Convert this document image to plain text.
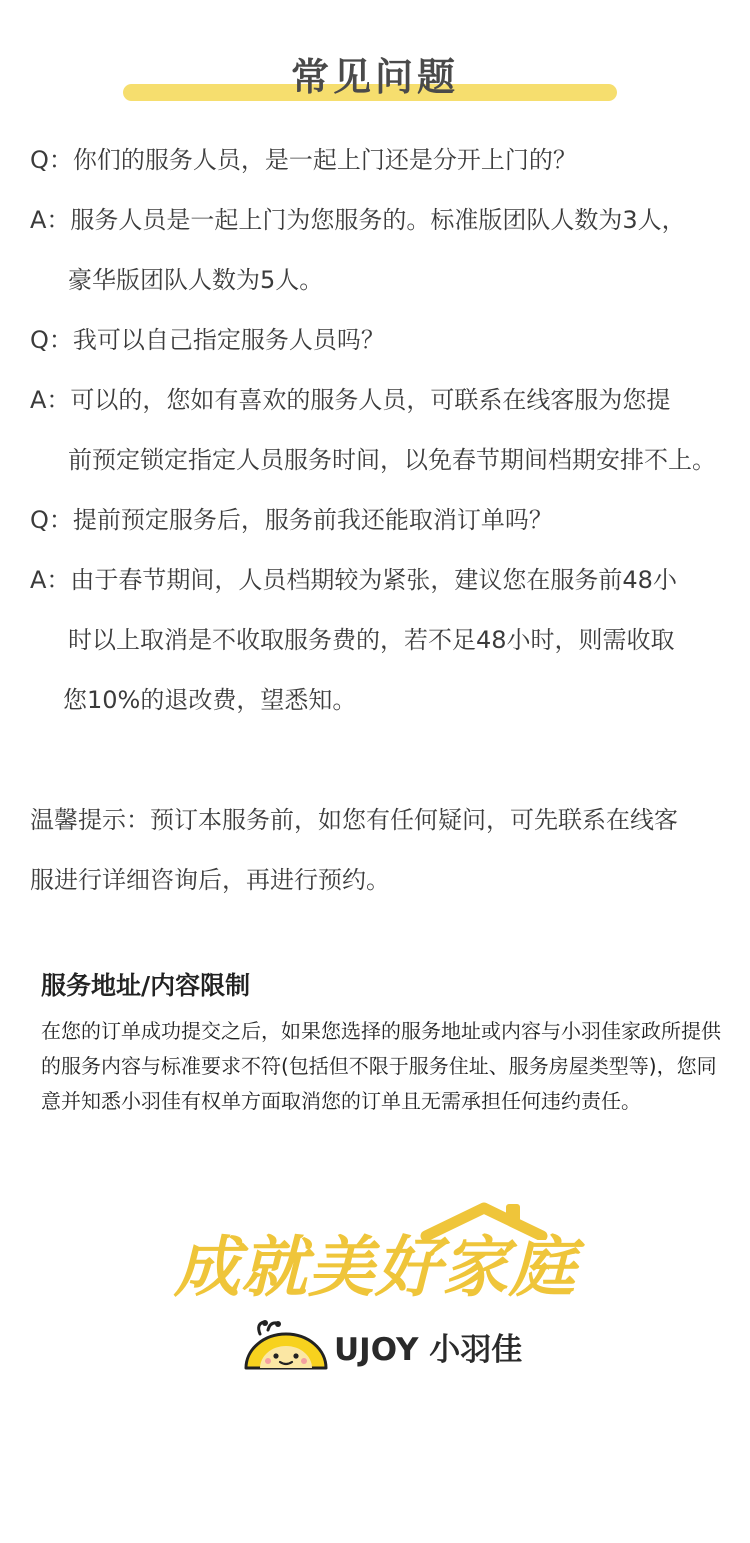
常见问题
Q：你们的服务人员，是一起上门还是分开上门的？
A：服务人员是一起上门为您服务的。标准版团队人数为3人，
豪华版团队人数为5人。
Q：我可以自己指定服务人员吗？
A：可以的，您如有喜欢的服务人员，可联系在线客服为您提
前预定锁定指定人员服务时间，以免春节期间档期安排不上。
Q：提前预定服务后，服务前我还能取消订单吗？
A：由于春节期间，人员档期较为紧张，建议您在服务前48小
时以上取消是不收取服务费的，若不足48小时，则需收取
您10%的退改费，望悉知。
温馨提示：预订本服务前，如您有任何疑问，可先联系在线客
服进行详细咨询后，再进行预约。
服务地址/内容限制
在您的订单成功提交之后，如果您选择的服务地址或内容与小羽佳家政所提供的服务内容与标准要求不符(包括但不限于服务住址、服务房屋类型等)，您同意并知悉小羽佳有权单方面取消您的订单且无需承担任何违约责任。
成就美好家庭
UJOY 小羽佳
